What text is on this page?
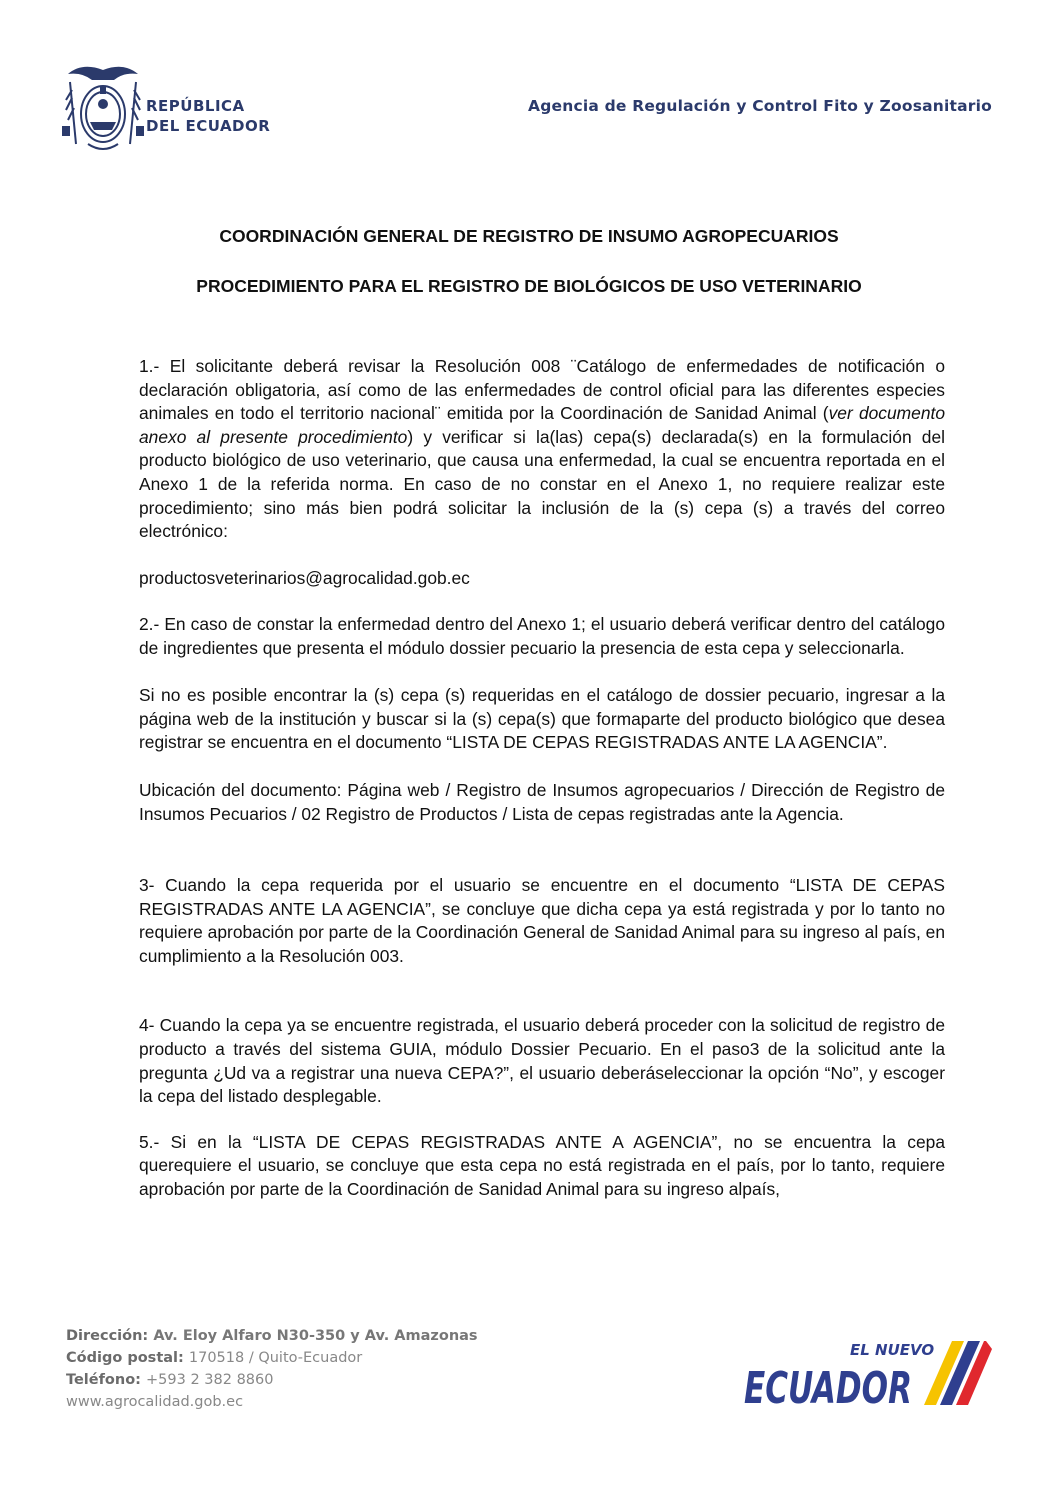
REPÚBLICA
DEL ECUADOR
Agencia de Regulación y Control Fito y Zoosanitario
COORDINACIÓN GENERAL DE REGISTRO DE INSUMO AGROPECUARIOS
PROCEDIMIENTO PARA EL REGISTRO DE BIOLÓGICOS DE USO VETERINARIO

1.- El solicitante deberá revisar la Resolución 008 ¨Catálogo de enfermedades de notificación o declaración obligatoria, así como de las enfermedades de control oficial para las diferentes especies animales en todo el territorio nacional¨ emitida por la Coordinación de Sanidad Animal (ver documento anexo al presente procedimiento) y verificar si la(las) cepa(s) declarada(s) en la formulación del producto biológico de uso veterinario, que causa una enfermedad, la cual se encuentra reportada en el Anexo 1 de la referida norma. En caso de no constar en el Anexo 1, no requiere realizar este procedimiento; sino más bien podrá solicitar la inclusión de la (s) cepa (s) a través del correo electrónico:
productosveterinarios@agrocalidad.gob.ec

2.- En caso de constar la enfermedad dentro del Anexo 1; el usuario deberá verificar dentro del catálogo de ingredientes que presenta el módulo dossier pecuario la presencia de esta cepa y seleccionarla.

Si no es posible encontrar la (s) cepa (s) requeridas en el catálogo de dossier pecuario, ingresar a la página web de la institución y buscar si la (s) cepa(s) que formaparte del producto biológico que desea registrar se encuentra en el documento “LISTA DE CEPAS REGISTRADAS ANTE LA AGENCIA”.

Ubicación del documento: Página web / Registro de Insumos agropecuarios / Dirección de Registro de Insumos Pecuarios / 02 Registro de Productos / Lista de cepas registradas ante la Agencia.

3- Cuando la cepa requerida por el usuario se encuentre en el documento “LISTA DE CEPAS REGISTRADAS ANTE LA AGENCIA”, se concluye que dicha cepa ya está registrada y por lo tanto no requiere aprobación por parte de la Coordinación General de Sanidad Animal para su ingreso al país, en cumplimiento a la Resolución 003.

4- Cuando la cepa ya se encuentre registrada, el usuario deberá proceder con la solicitud de registro de producto a través del sistema GUIA, módulo Dossier Pecuario. En el paso3 de la solicitud ante la pregunta ¿Ud va a registrar una nueva CEPA?”, el usuario deberáseleccionar la opción “No”, y escoger la cepa del listado desplegable.

5.- Si en la “LISTA DE CEPAS REGISTRADAS ANTE A AGENCIA”, no se encuentra la cepa querequiere el usuario, se concluye que esta cepa no está registrada en el país, por lo tanto, requiere aprobación por parte de la Coordinación de Sanidad Animal para su ingreso alpaís,

Dirección: Av. Eloy Alfaro N30-350 y Av. Amazonas
Código postal: 170518 / Quito-Ecuador
Teléfono: +593 2 382 8860
www.agrocalidad.gob.ec
EL NUEVO
ECUADOR
